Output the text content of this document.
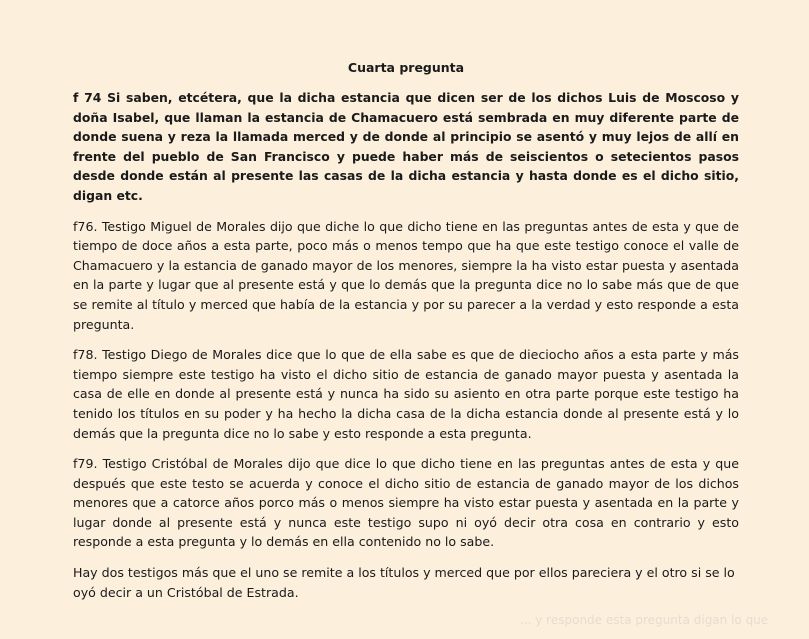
Cuarta pregunta

f 74 Si saben, etcétera, que la dicha estancia que dicen ser de los dichos Luis de Moscoso y doña Isabel, que llaman la estancia de Chamacuero está sembrada en muy diferente parte de donde suena y reza la llamada merced y de donde al principio se asentó y muy lejos de allí en frente del pueblo de San Francisco y puede haber más de seiscientos o setecientos pasos desde donde están al presente las casas de la dicha estancia y hasta donde es el dicho sitio, digan etc.

f76. Testigo Miguel de Morales dijo que diche lo que dicho tiene en las preguntas antes de esta y que de tiempo de doce años a esta parte, poco más o menos tempo que ha que este testigo conoce el valle de Chamacuero y la estancia de ganado mayor de los menores, siempre la ha visto estar puesta y asentada en la parte y lugar que al presente está y que lo demás que la pregunta dice no lo sabe más que de que se remite al título y merced que había de la estancia y por su parecer a la verdad y esto responde a esta pregunta.

f78. Testigo Diego de Morales dice que lo que de ella sabe es que de dieciocho años a esta parte y más tiempo siempre este testigo ha visto el dicho sitio de estancia de ganado mayor puesta y asentada la casa de elle en donde al presente está y nunca ha sido su asiento en otra parte porque este testigo ha tenido los títulos en su poder y ha hecho la dicha casa de la dicha estancia donde al presente está y lo demás que la pregunta dice no lo sabe y esto responde a esta pregunta.

f79. Testigo Cristóbal de Morales dijo que dice lo que dicho tiene en las preguntas antes de esta y que después que este testo se acuerda y conoce el dicho sitio de estancia de ganado mayor de los dichos menores que a catorce años porco más o menos siempre ha visto estar puesta y asentada en la parte y lugar donde al presente está y nunca este testigo supo ni oyó decir otra cosa en contrario y esto responde a esta pregunta y lo demás en ella contenido no lo sabe.

Hay dos testigos más que el uno se remite a los títulos y merced que por ellos pareciera y el otro si se lo oyó decir a un Cristóbal de Estrada.

... y responde esta pregunta digan lo que
